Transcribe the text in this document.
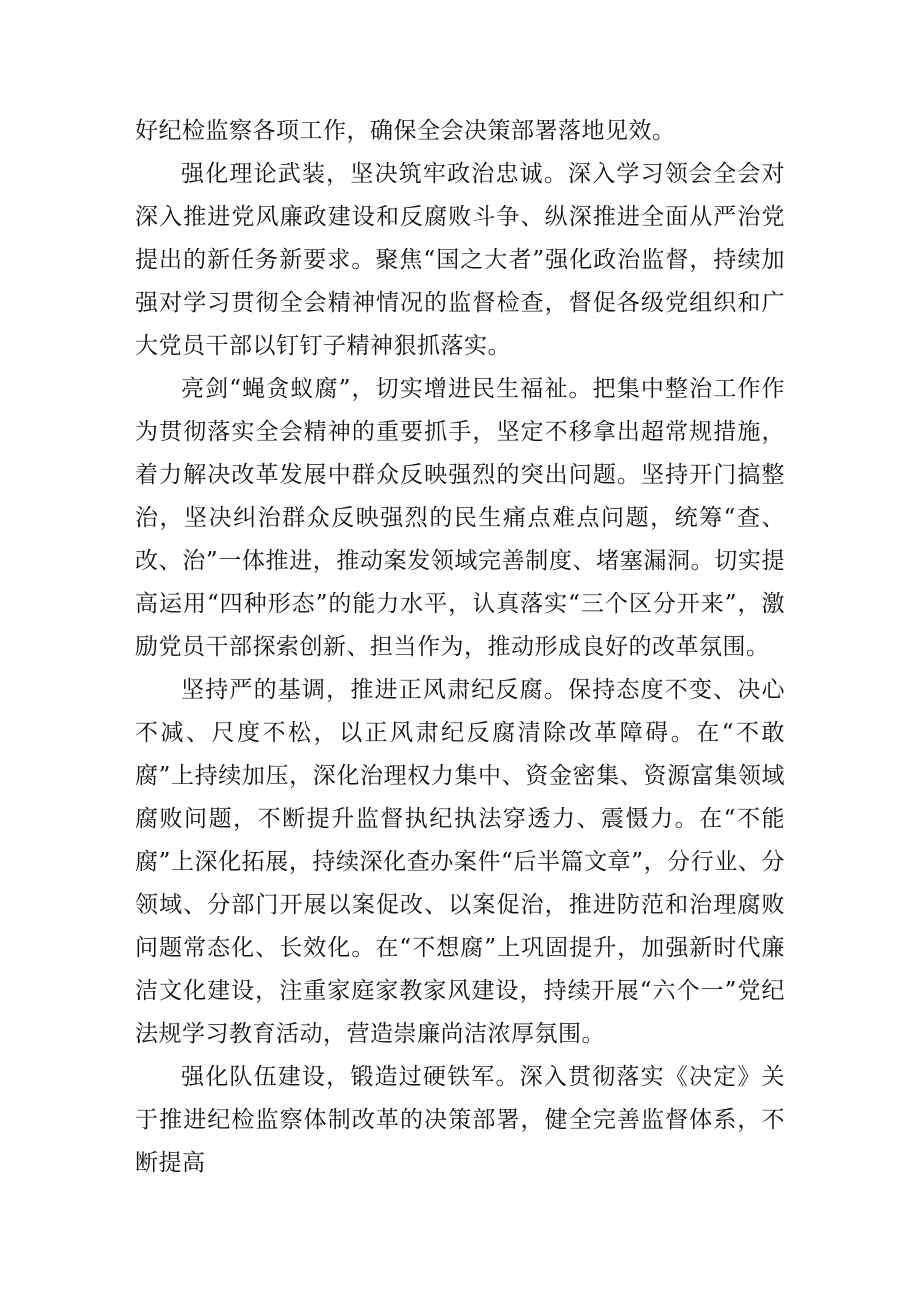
好纪检监察各项工作，确保全会决策部署落地见效。

强化理论武装，坚决筑牢政治忠诚。深入学习领会全会对深入推进党风廉政建设和反腐败斗争、纵深推进全面从严治党提出的新任务新要求。聚焦“国之大者”强化政治监督，持续加强对学习贯彻全会精神情况的监督检查，督促各级党组织和广大党员干部以钉钉子精神狠抓落实。

亮剑“蝇贪蚁腐”，切实增进民生福祉。把集中整治工作作为贯彻落实全会精神的重要抓手，坚定不移拿出超常规措施，着力解决改革发展中群众反映强烈的突出问题。坚持开门搞整治，坚决纠治群众反映强烈的民生痛点难点问题，统筹“查、改、治”一体推进，推动案发领域完善制度、堵塞漏洞。切实提高运用“四种形态”的能力水平，认真落实“三个区分开来”，激励党员干部探索创新、担当作为，推动形成良好的改革氛围。

坚持严的基调，推进正风肃纪反腐。保持态度不变、决心不减、尺度不松，以正风肃纪反腐清除改革障碍。在“不敢腐”上持续加压，深化治理权力集中、资金密集、资源富集领域腐败问题，不断提升监督执纪执法穿透力、震慑力。在“不能腐”上深化拓展，持续深化查办案件“后半篇文章”，分行业、分领域、分部门开展以案促改、以案促治，推进防范和治理腐败问题常态化、长效化。在“不想腐”上巩固提升，加强新时代廉洁文化建设，注重家庭家教家风建设，持续开展“六个一”党纪法规学习教育活动，营造崇廉尚洁浓厚氛围。

强化队伍建设，锻造过硬铁军。深入贯彻落实《决定》关于推进纪检监察体制改革的决策部署，健全完善监督体系，不断提高
